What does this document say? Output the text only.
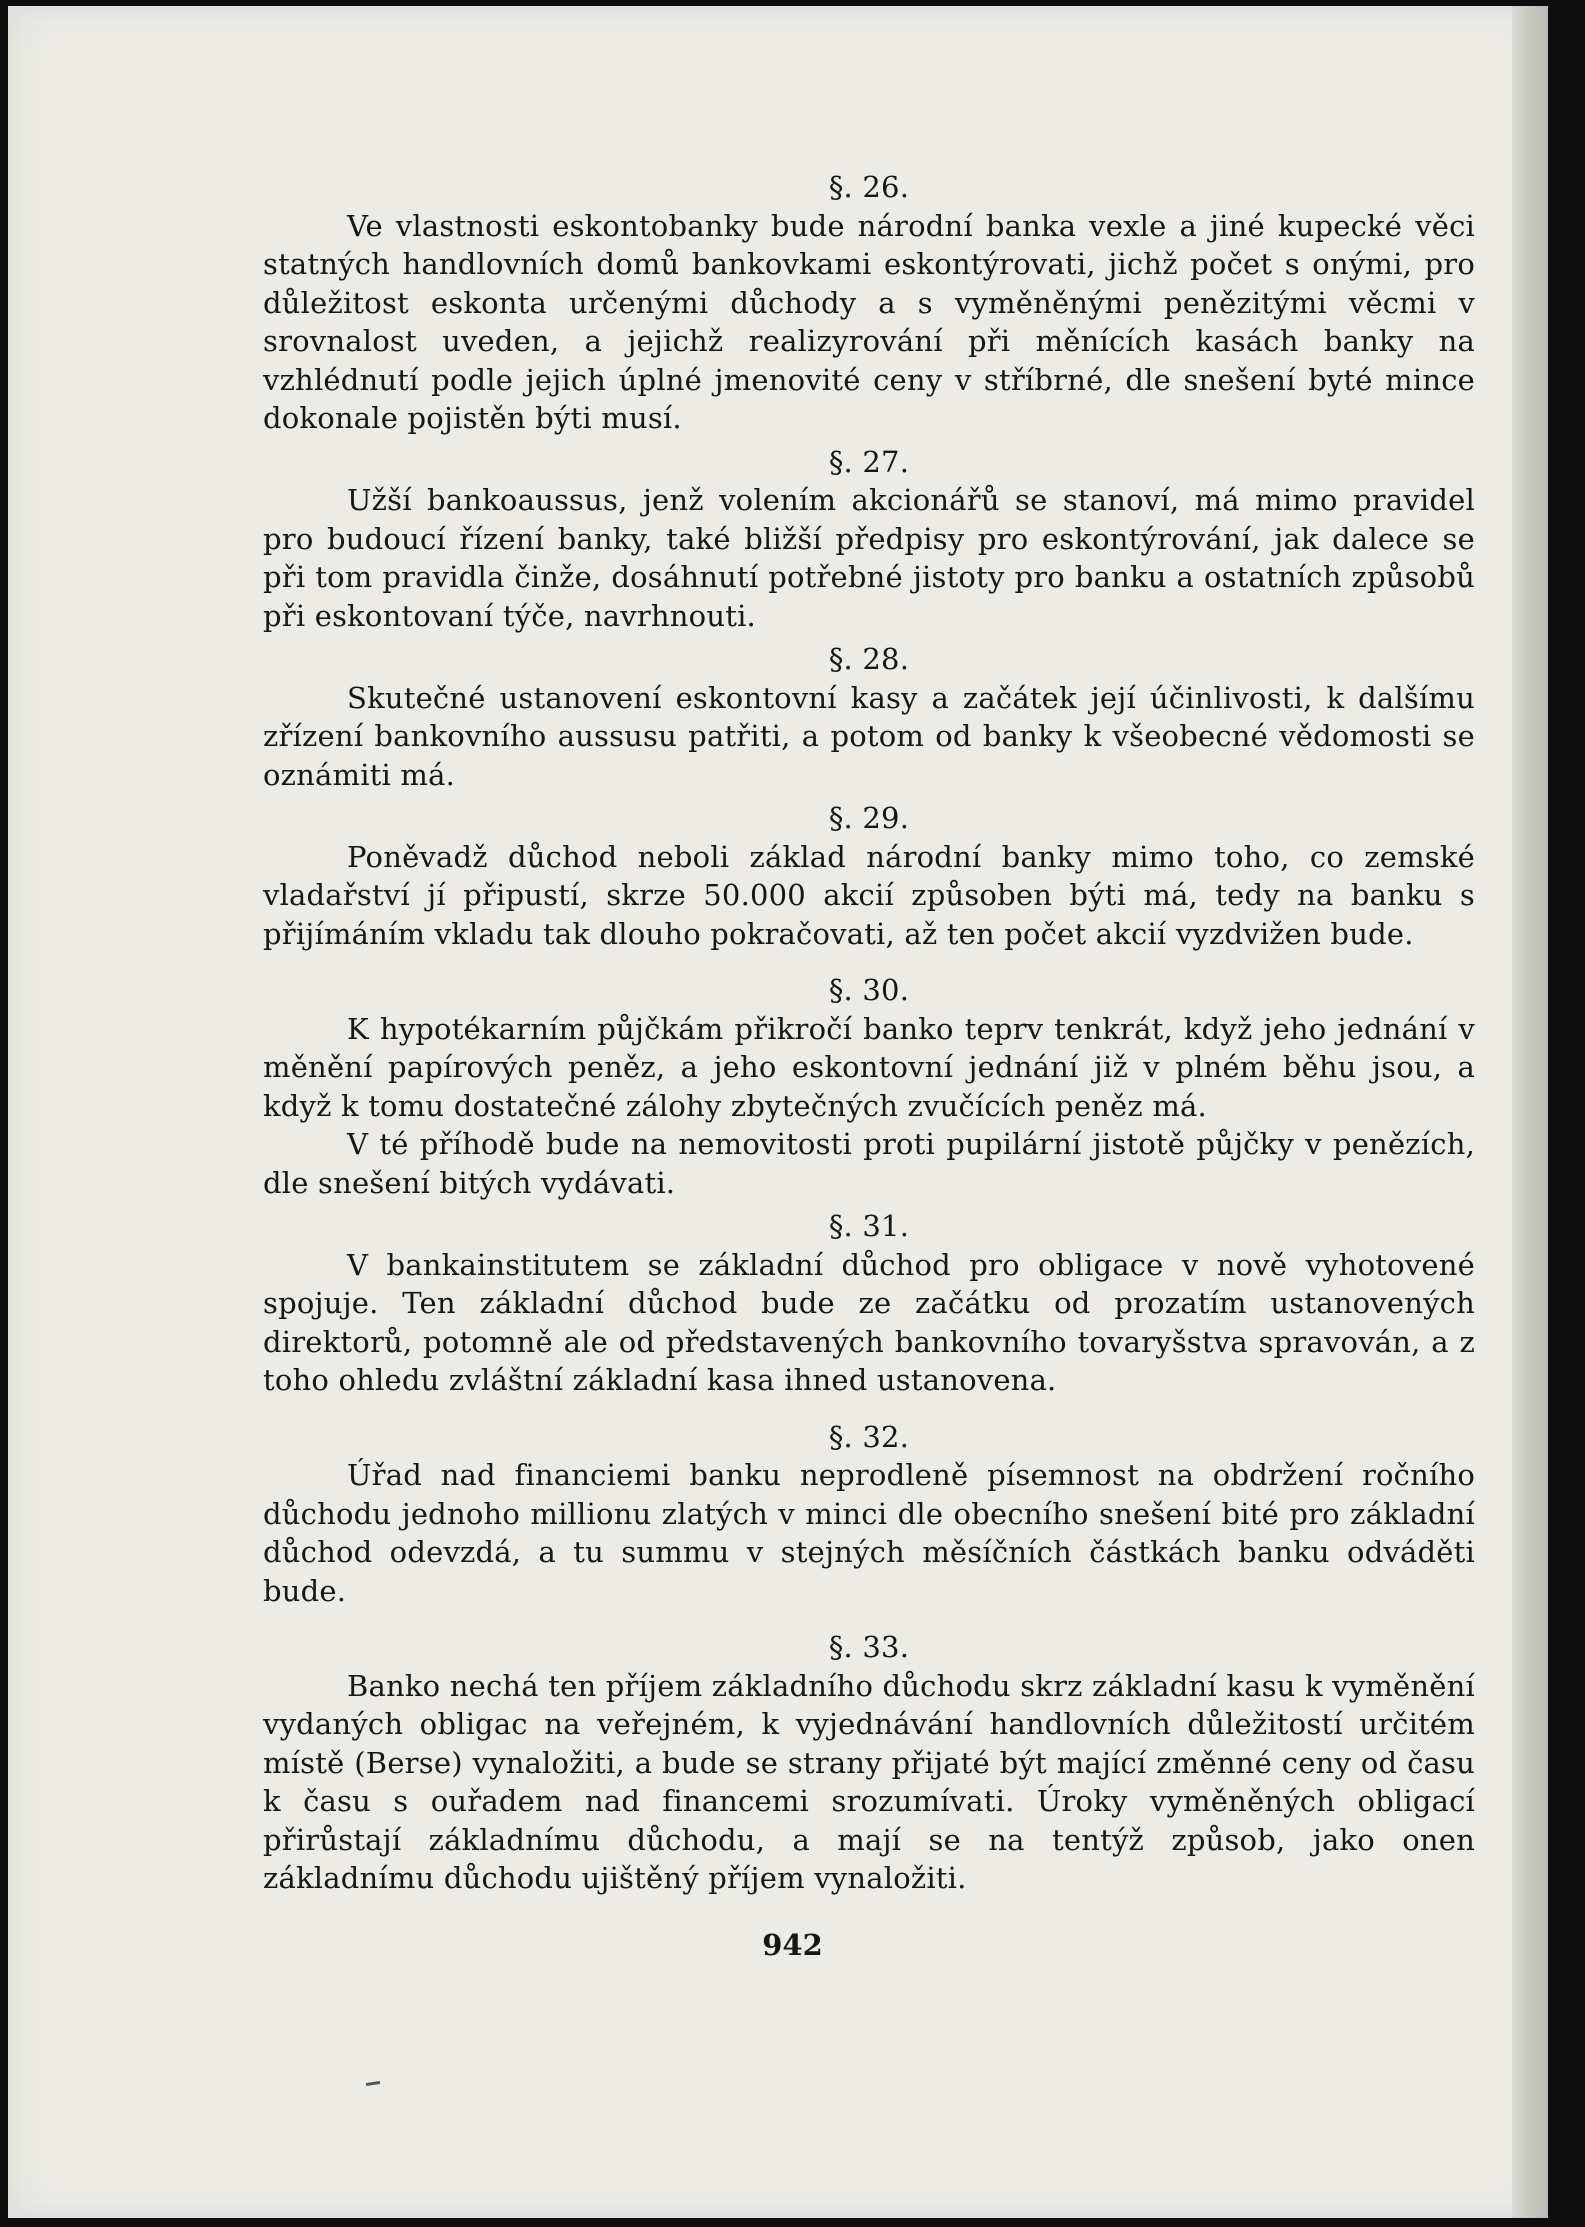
§. 26.

Ve vlastnosti eskontobanky bude národní banka vexle a jiné kupecké věci statných handlovních domů bankovkami eskontýrovati, jichž počet s onými, pro důležitost eskonta určenými důchody a s vyměněnými penězitými věcmi v srovnalost uveden, a jejichž realizyrování při měnících kasách banky na vzhlédnutí podle jejich úplné jmenovité ceny v stříbrné, dle snešení byté mince dokonale pojistěn býti musí.

§. 27.

Užší bankoaussus, jenž volením akcionářů se stanoví, má mimo pravidel pro budoucí řízení banky, také bližší předpisy pro eskontýrování, jak dalece se při tom pravidla činže, dosáhnutí potřebné jistoty pro banku a ostatních způsobů při eskontovaní týče, navrhnouti.

§. 28.

Skutečné ustanovení eskontovní kasy a začátek její účinlivosti, k dalšímu zřízení bankovního aussusu patřiti, a potom od banky k všeobecné vědomosti se oznámiti má.

§. 29.

Poněvadž důchod neboli základ národní banky mimo toho, co zemské vladařství jí připustí, skrze 50.000 akcií způsoben býti má, tedy na banku s přijímáním vkladu tak dlouho pokračovati, až ten počet akcií vyzdvižen bude.

§. 30.

K hypotékarním půjčkám přikročí banko teprv tenkrát, když jeho jednání v měnění papírových peněz, a jeho eskontovní jednání již v plném běhu jsou, a když k tomu dostatečné zálohy zbytečných zvučících peněz má.

V té příhodě bude na nemovitosti proti pupilární jistotě půjčky v penězích, dle snešení bitých vydávati.

§. 31.

V bankainstitutem se základní důchod pro obligace v nově vyhotovené spojuje. Ten základní důchod bude ze začátku od prozatím ustanovených direktorů, potomně ale od představených bankovního tovaryšstva spravován, a z toho ohledu zvláštní základní kasa ihned ustanovena.

§. 32.

Úřad nad financiemi banku neprodleně písemnost na obdržení ročního důchodu jednoho millionu zlatých v minci dle obecního snešení bité pro základní důchod odevzdá, a tu summu v stejných měsíčních částkách banku odváděti bude.

§. 33.

Banko nechá ten příjem základního důchodu skrz základní kasu k vyměnění vydaných obligac na veřejném, k vyjednávání handlovních důležitostí určitém místě (Berse) vynaložiti, a bude se strany přijaté být mající změnné ceny od času k času s ouřadem nad financemi srozumívati. Úroky vyměněných obligací přirůstají základnímu důchodu, a mají se na tentýž způsob, jako onen základnímu důchodu ujištěný příjem vynaložiti.

942
